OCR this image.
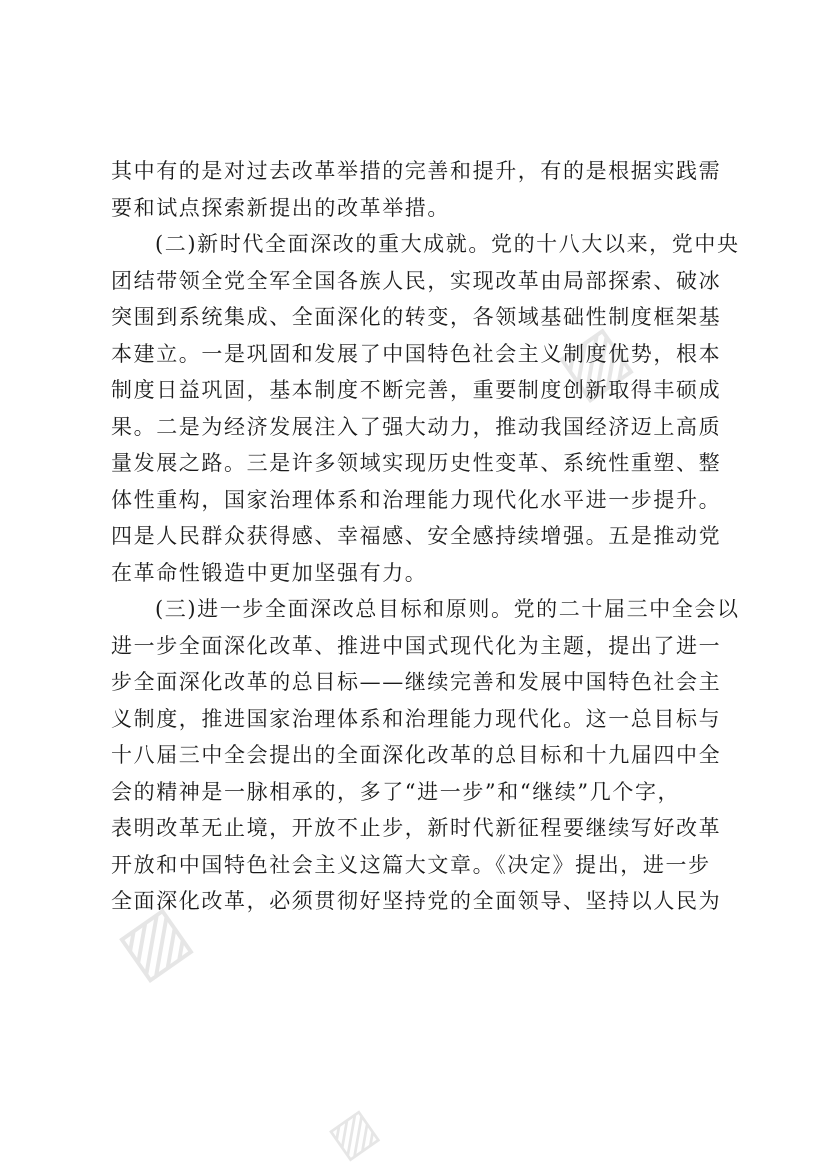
▨
▨
▨
其中有的是对过去改革举措的完善和提升，有的是根据实践需
要和试点探索新提出的改革举措。
(二)新时代全面深改的重大成就。党的十八大以来，党中央
团结带领全党全军全国各族人民，实现改革由局部探索、破冰
突围到系统集成、全面深化的转变，各领域基础性制度框架基
本建立。一是巩固和发展了中国特色社会主义制度优势，根本
制度日益巩固，基本制度不断完善，重要制度创新取得丰硕成
果。二是为经济发展注入了强大动力，推动我国经济迈上高质
量发展之路。三是许多领域实现历史性变革、系统性重塑、整
体性重构，国家治理体系和治理能力现代化水平进一步提升。
四是人民群众获得感、幸福感、安全感持续增强。五是推动党
在革命性锻造中更加坚强有力。
(三)进一步全面深改总目标和原则。党的二十届三中全会以
进一步全面深化改革、推进中国式现代化为主题，提出了进一
步全面深化改革的总目标——继续完善和发展中国特色社会主
义制度，推进国家治理体系和治理能力现代化。这一总目标与
十八届三中全会提出的全面深化改革的总目标和十九届四中全
会的精神是一脉相承的，多了“进一步”和“继续”几个字，
表明改革无止境，开放不止步，新时代新征程要继续写好改革
开放和中国特色社会主义这篇大文章。《决定》提出，进一步
全面深化改革，必须贯彻好坚持党的全面领导、坚持以人民为
